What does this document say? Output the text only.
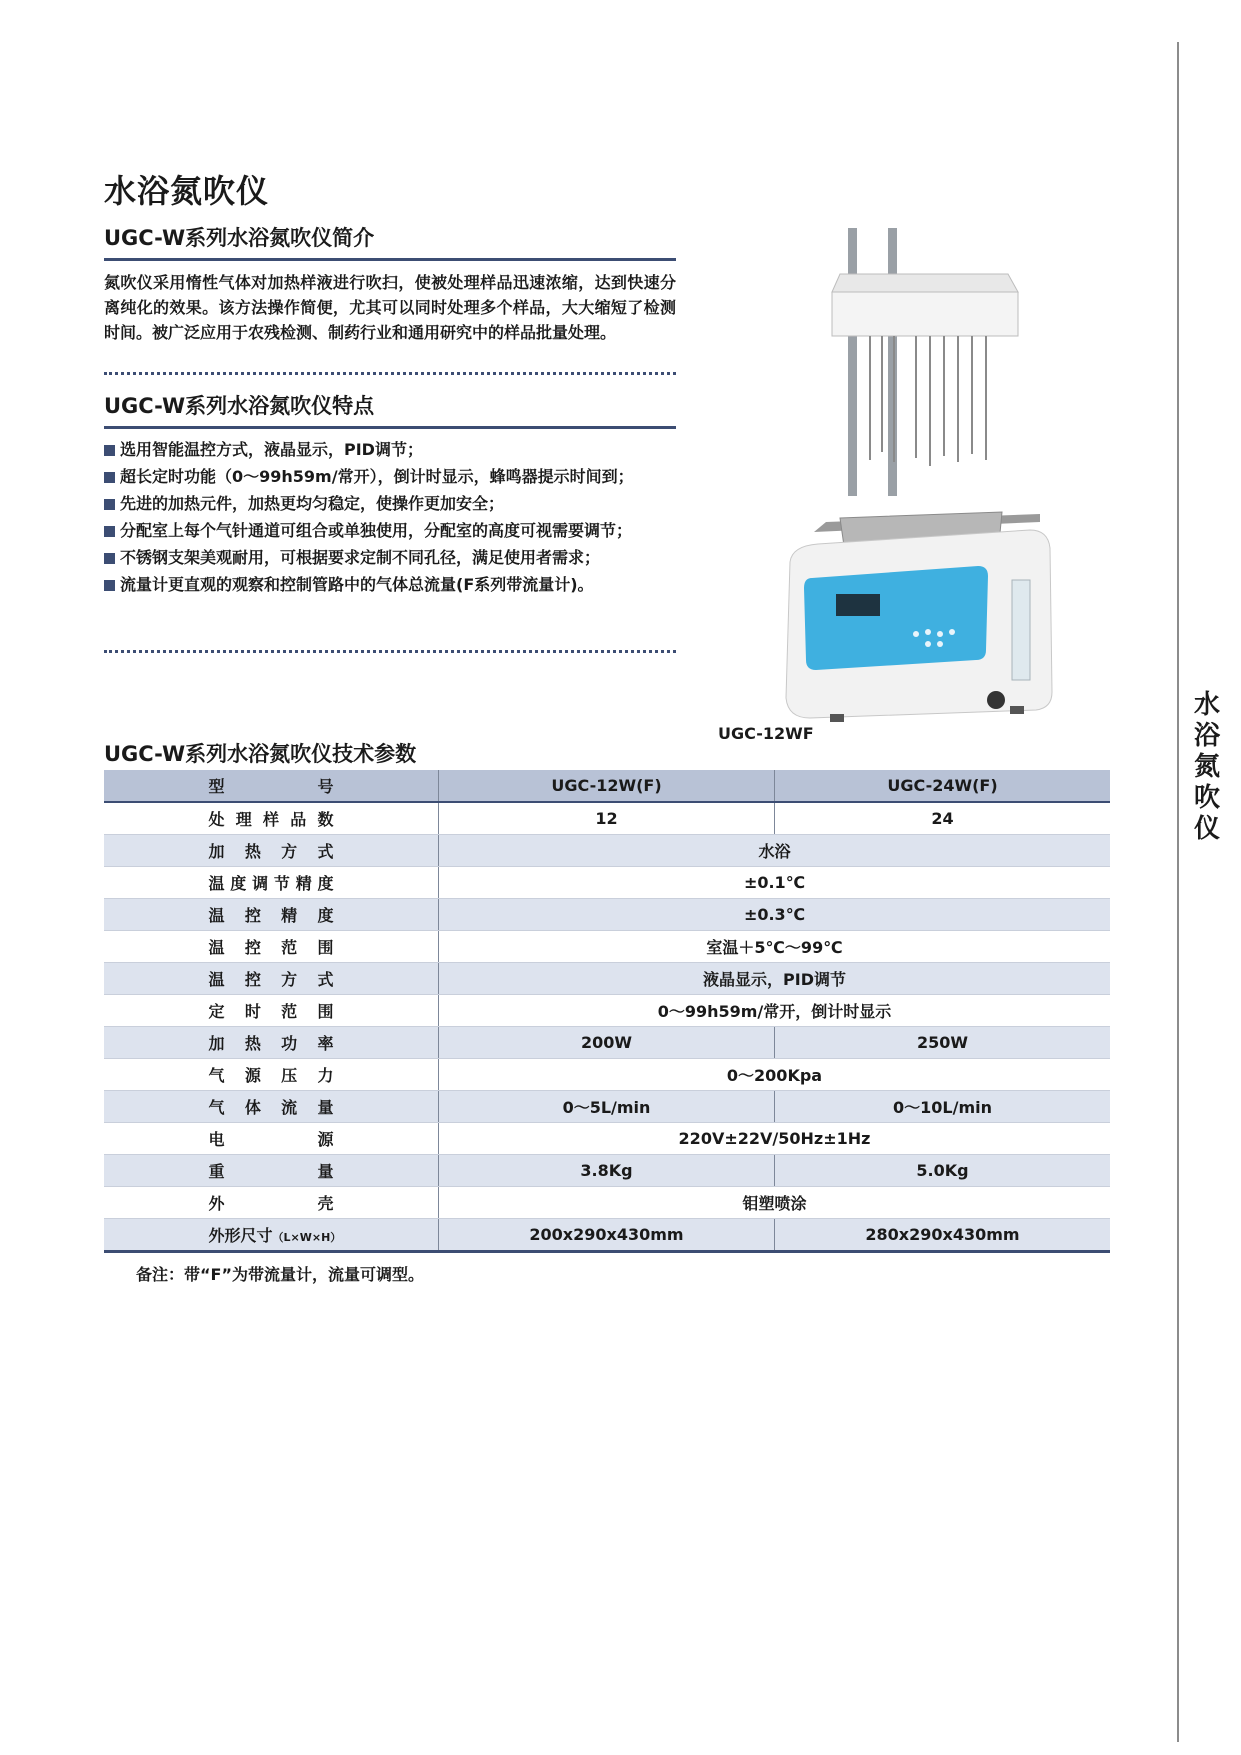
水浴氮吹仪
UGC-W系列水浴氮吹仪简介

氮吹仪采用惰性气体对加热样液进行吹扫，使被处理样品迅速浓缩，达到快速分离纯化的效果。该方法操作简便，尤其可以同时处理多个样品，大大缩短了检测时间。被广泛应用于农残检测、制药行业和通用研究中的样品批量处理。

UGC-W系列水浴氮吹仪特点
选用智能温控方式，液晶显示，PID调节；
超长定时功能（0～99h59m/常开），倒计时显示，蜂鸣器提示时间到；
先进的加热元件，加热更均匀稳定，使操作更加安全；
分配室上每个气针通道可组合或单独使用，分配室的高度可视需要调节；
不锈钢支架美观耐用，可根据要求定制不同孔径，满足使用者需求；
流量计更直观的观察和控制管路中的气体总流量(F系列带流量计)。
UGC-12WF
UGC-W系列水浴氮吹仪技术参数
型　　号	UGC-12W(F)	UGC-24W(F)

处理样品数	12	24

加热方式	水浴	

温度调节精度	±0.1℃	

温控精度	±0.3℃	

温控范围	室温＋5℃～99℃	

温控方式	液晶显示，PID调节	

定时范围	0～99h59m/常开，倒计时显示	

加热功率	200W	250W

气源压力	0～200Kpa	

气体流量	0～5L/min	0～10L/min

电　　源	220V±22V/50Hz±1Hz	

重　　量	3.8Kg	5.0Kg

外　　壳	钼塑喷涂	

外形尺寸（L×W×H）	200x290x430mm	280x290x430mm
备注：带“F”为带流量计，流量可调型。
水浴氮吹仪
